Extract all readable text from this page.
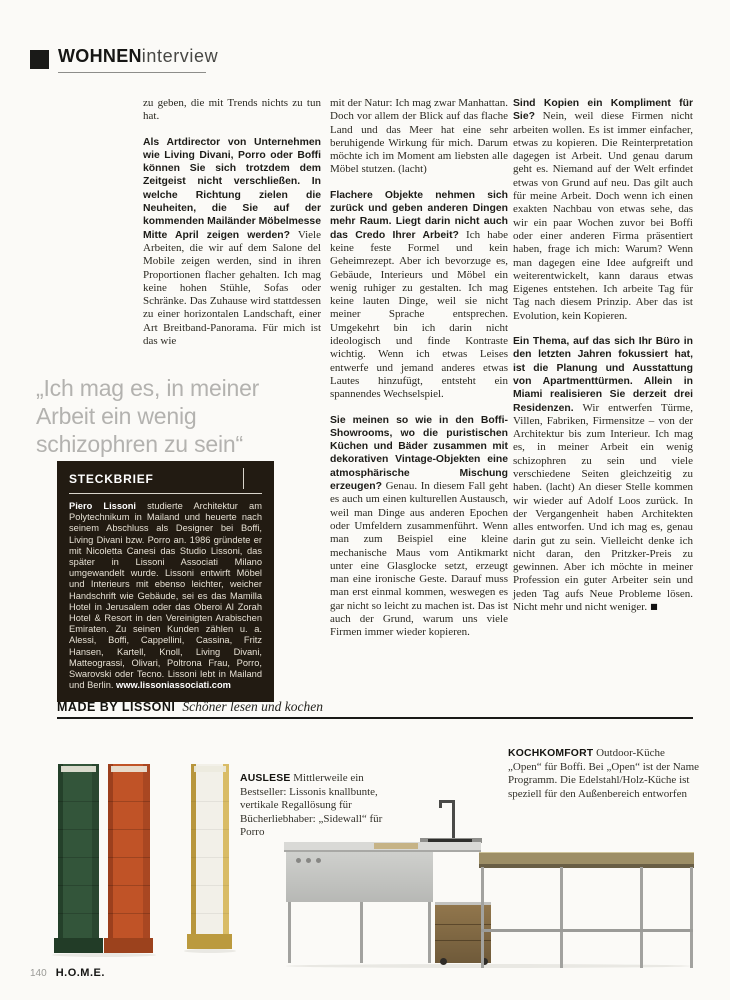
WOHNENinterview

zu geben, die mit Trends nichts zu tun hat.

Als Artdirector von Unternehmen wie Living Divani, Porro oder Boffi können Sie sich trotzdem dem Zeitgeist nicht verschließen. In welche Richtung zielen die Neuheiten, die Sie auf der kommenden Mailänder Möbelmesse Mitte April zeigen werden? Viele Arbeiten, die wir auf dem Salone del Mobile zeigen werden, sind in ihren Proportionen flacher gehalten. Ich mag keine hohen Stühle, Sofas oder Schränke. Das Zuhause wird stattdessen zu einer horizontalen Landschaft, einer Art Breitband-Panorama. Für mich ist das wie

mit der Natur: Ich mag zwar Manhattan. Doch vor allem der Blick auf das flache Land und das Meer hat eine sehr beruhigende Wirkung für mich. Darum möchte ich im Moment am liebsten alle Möbel stutzen. (lacht)

Flachere Objekte nehmen sich zurück und geben anderen Dingen mehr Raum. Liegt darin nicht auch das Credo Ihrer Arbeit? Ich habe keine feste Formel und kein Geheimrezept. Aber ich bevorzuge es, Gebäude, Interieurs und Möbel ein wenig ruhiger zu gestalten. Ich mag keine lauten Dinge, weil sie nicht meiner Sprache entsprechen. Umgekehrt bin ich darin nicht ideologisch und finde Kontraste wichtig. Wenn ich etwas Leises entwerfe und jemand anderes etwas Lautes hinzufügt, entsteht ein spannendes Wechselspiel.

Sie meinen so wie in den Boffi-Showrooms, wo die puristischen Küchen und Bäder zusammen mit dekorativen Vintage-Objekten eine atmosphärische Mischung erzeugen? Genau. In diesem Fall geht es auch um einen kulturellen Austausch, weil man Dinge aus anderen Epochen oder Umfeldern zusammenführt. Wenn man zum Beispiel eine kleine mechanische Maus vom Antikmarkt unter eine Glasglocke setzt, erzeugt man eine ironische Geste. Darauf muss man erst einmal kommen, weswegen es gar nicht so leicht zu machen ist. Das ist auch der Grund, warum uns viele Firmen immer wieder kopieren.

Sind Kopien ein Kompliment für Sie? Nein, weil diese Firmen nicht arbeiten wollen. Es ist immer einfacher, etwas zu kopieren. Die Reinterpretation dagegen ist Arbeit. Und genau darum geht es. Niemand auf der Welt erfindet etwas von Grund auf neu. Das gilt auch für meine Arbeit. Doch wenn ich einen exakten Nachbau von etwas sehe, das wir ein paar Wochen zuvor bei Boffi oder einer anderen Firma präsentiert haben, frage ich mich: Warum? Wenn man dagegen eine Idee aufgreift und weiterentwickelt, kann daraus etwas Eigenes entstehen. Ich arbeite Tag für Tag nach diesem Prinzip. Aber das ist Evolution, kein Kopieren.

Ein Thema, auf das sich Ihr Büro in den letzten Jahren fokussiert hat, ist die Planung und Ausstattung von Apartmenttürmen. Allein in Miami realisieren Sie derzeit drei Residenzen. Wir entwerfen Türme, Villen, Fabriken, Firmensitze – von der Architektur bis zum Interieur. Ich mag es, in meiner Arbeit ein wenig schizophren zu sein und viele verschiedene Seiten gleichzeitig zu haben. (lacht) An dieser Stelle kommen wir wieder auf Adolf Loos zurück. In der Vergangenheit haben Architekten alles entworfen. Und ich mag es, genau darin gut zu sein. Vielleicht denke ich nicht daran, den Pritzker-Preis zu gewinnen. Aber ich möchte in meiner Profession ein guter Arbeiter sein und jeden Tag aufs Neue Probleme lösen. Nicht mehr und nicht weniger. ■

„Ich mag es, in meiner Arbeit ein wenig schizophren zu sein“
STECKBRIEF
Piero Lissoni studierte Architektur am Polytechnikum in Mailand und heuerte nach seinem Abschluss als Designer bei Boffi, Living Divani bzw. Porro an. 1986 gründete er mit Nicoletta Canesi das Studio Lissoni, das später in Lissoni Associati Milano umgewandelt wurde. Lissoni entwirft Möbel und Interieurs mit ebenso leichter, weicher Handschrift wie Gebäude, sei es das Mamilla Hotel in Jerusalem oder das Oberoi Al Zorah Hotel & Resort in den Vereinigten Arabischen Emiraten. Zu seinen Kunden zählen u. a. Alessi, Boffi, Cappellini, Cassina, Fritz Hansen, Kartell, Knoll, Living Divani, Matteograssi, Olivari, Poltrona Frau, Porro, Swarovski oder Tecno. Lissoni lebt in Mailand und Berlin. www.lissoniassociati.com
MADE BY LISSONI Schöner lesen und kochen

AUSLESE Mittlerweile ein Bestseller: Lissonis knallbunte, vertikale Regallösung für Bücherliebhaber: „Sidewall“ für Porro

KOCHKOMFORT Outdoor-Küche „Open“ für Boffi. Bei „Open“ ist der Name Programm. Die Edelstahl/Holz-Küche ist speziell für den Außenbereich entworfen

140 H.O.M.E.
